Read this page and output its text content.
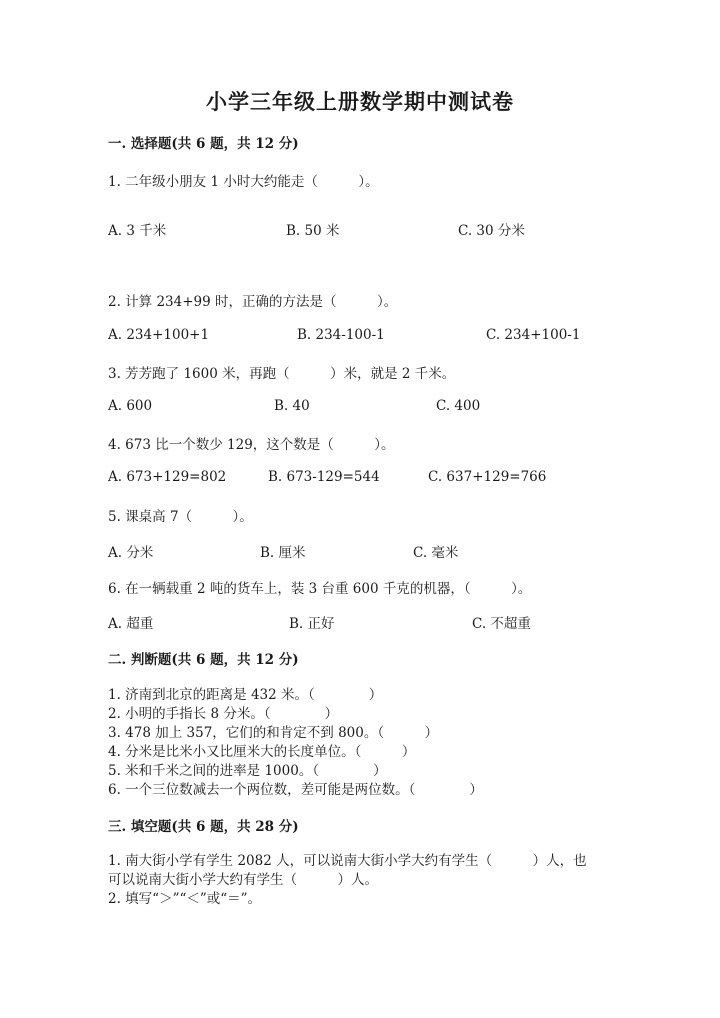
小学三年级上册数学期中测试卷
一. 选择题(共 6 题，共 12 分)
1. 二年级小朋友 1 小时大约能走（　　　）。
A. 3 千米	B. 50 米	C. 30 分米
2. 计算 234+99 时，正确的方法是（　　　）。
A. 234+100+1	B. 234-100-1	C. 234+100-1
3. 芳芳跑了 1600 米，再跑（　　　）米，就是 2 千米。
A. 600	B. 40	C. 400
4. 673 比一个数少 129，这个数是（　　　）。
A. 673+129=802	B. 673-129=544	C. 637+129=766
5. 课桌高 7（　　　）。
A. 分米	B. 厘米	C. 毫米
6. 在一辆载重 2 吨的货车上，装 3 台重 600 千克的机器，（　　　）。
A. 超重	B. 正好	C. 不超重
二. 判断题(共 6 题，共 12 分)
1. 济南到北京的距离是 432 米。（　　　　）
2. 小明的手指长 8 分米。（　　　　）
3. 478 加上 357，它们的和肯定不到 800。（　　　）
4. 分米是比米小又比厘米大的长度单位。（　　　）
5. 米和千米之间的进率是 1000。（　　　　）
6. 一个三位数减去一个两位数，差可能是两位数。（　　　　）
三. 填空题(共 6 题，共 28 分)
1. 南大街小学有学生 2082 人，可以说南大街小学大约有学生（　　　）人，也
可以说南大街小学大约有学生（　　　）人。
2. 填写“＞”“＜”或“＝”。
